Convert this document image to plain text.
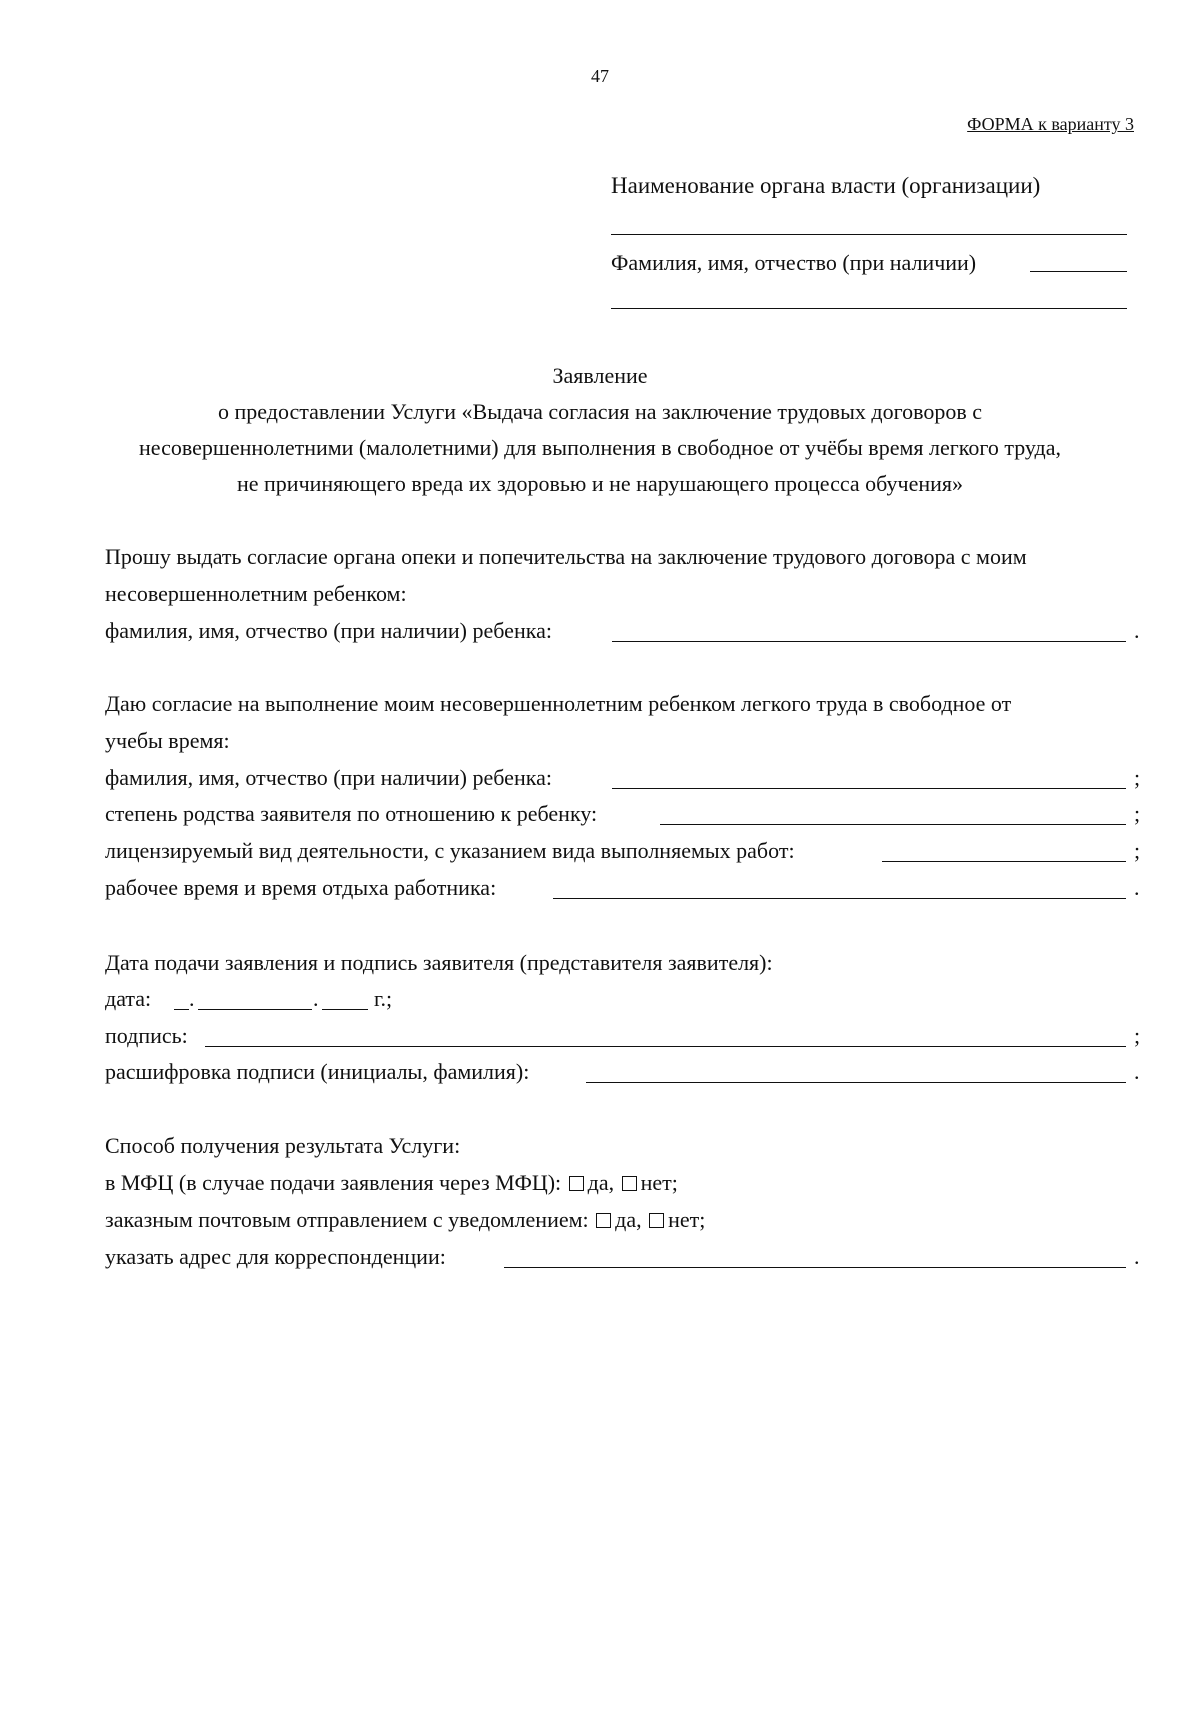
47
ФОРМА к варианту 3
Наименование органа власти (организации)
Фамилия, имя, отчество (при наличии)
Заявление
о предоставлении Услуги «Выдача согласия на заключение трудовых договоров с
несовершеннолетними (малолетними) для выполнения в свободное от учёбы время легкого труда,
не причиняющего вреда их здоровью и не нарушающего процесса обучения»
Прошу выдать согласие органа опеки и попечительства на заключение трудового договора с моим
несовершеннолетним ребенком:
фамилия, имя, отчество (при наличии) ребенка:	.
Даю согласие на выполнение моим несовершеннолетним ребенком легкого труда в свободное от
учебы время:
фамилия, имя, отчество (при наличии) ребенка:	;
степень родства заявителя по отношению к ребенку:	;
лицензируемый вид деятельности, с указанием вида выполняемых работ:	;
рабочее время и время отдыха работника:	.
Дата подачи заявления и подпись заявителя (представителя заявителя):
дата: .	.	г.;
подпись:	;
расшифровка подписи (инициалы, фамилия):	.
Способ получения результата Услуги:
в МФЦ (в случае подачи заявления через МФЦ): да, нет;
заказным почтовым отправлением с уведомлением: да, нет;
указать адрес для корреспонденции:	.
